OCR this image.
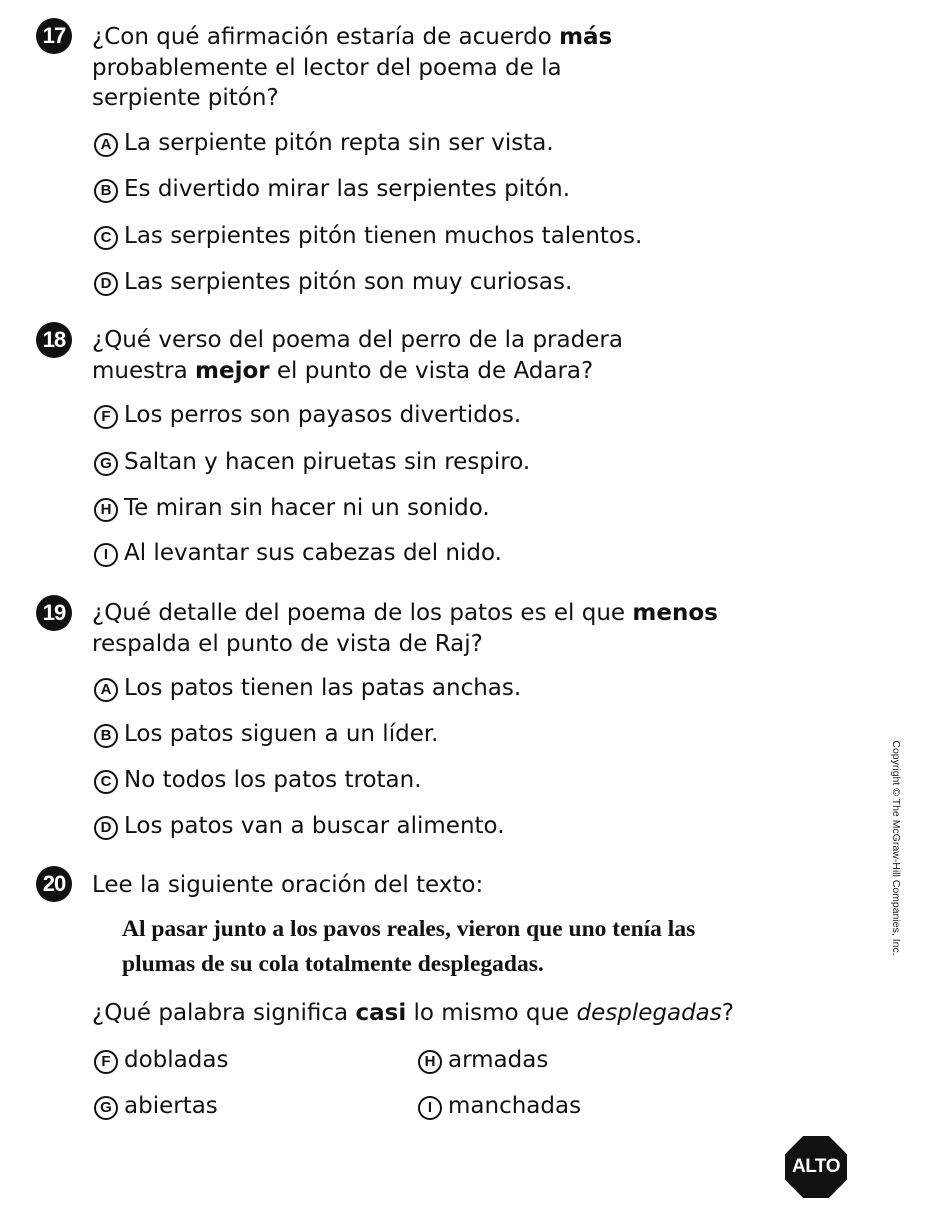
17 ¿Con qué afirmación estaría de acuerdo más probablemente el lector del poema de la serpiente pitón?
A La serpiente pitón repta sin ser vista.
B Es divertido mirar las serpientes pitón.
C Las serpientes pitón tienen muchos talentos.
D Las serpientes pitón son muy curiosas.
18 ¿Qué verso del poema del perro de la pradera muestra mejor el punto de vista de Adara?
F Los perros son payasos divertidos.
G Saltan y hacen piruetas sin respiro.
H Te miran sin hacer ni un sonido.
I Al levantar sus cabezas del nido.
19 ¿Qué detalle del poema de los patos es el que menos respalda el punto de vista de Raj?
A Los patos tienen las patas anchas.
B Los patos siguen a un líder.
C No todos los patos trotan.
D Los patos van a buscar alimento.
20 Lee la siguiente oración del texto:
Al pasar junto a los pavos reales, vieron que uno tenía las plumas de su cola totalmente desplegadas.
¿Qué palabra significa casi lo mismo que desplegadas?
F dobladas	H armadas
G abiertas	I manchadas
Copyright © The McGraw-Hill Companies, Inc.
ALTO
